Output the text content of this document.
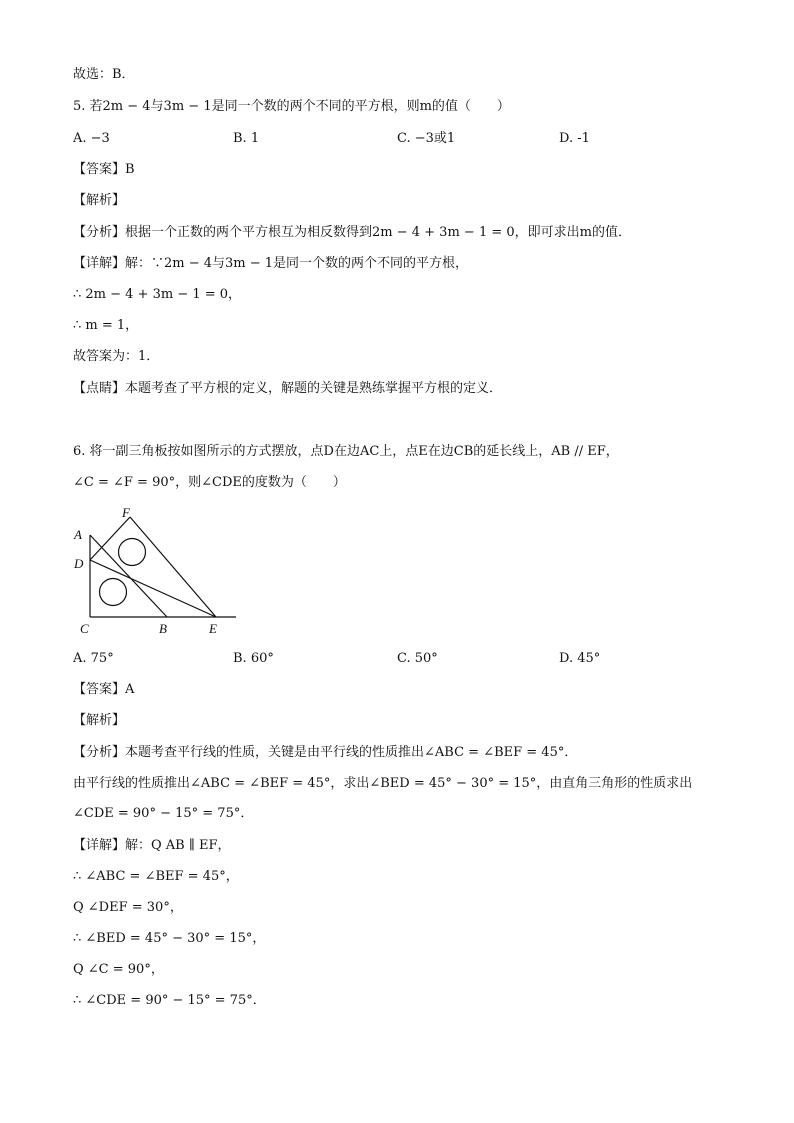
故选：B．
5. 若2m − 4与3m − 1是同一个数的两个不同的平方根，则m的值（　　）
A. −3	B. 1	C. −3或1	D. -1
【答案】B
【解析】
【分析】根据一个正数的两个平方根互为相反数得到2m − 4 + 3m − 1 = 0，即可求出m的值．
【详解】解：∵2m − 4与3m − 1是同一个数的两个不同的平方根，
∴ 2m − 4 + 3m − 1 = 0，
∴ m = 1，
故答案为：1．
【点睛】本题考查了平方根的定义，解题的关键是熟练掌握平方根的定义．
6. 将一副三角板按如图所示的方式摆放，点D在边AC上，点E在边CB的延长线上，AB // EF，
∠C = ∠F = 90°，则∠CDE的度数为（　　）
A
D
F
C	B	E
A. 75°	B. 60°	C. 50°	D. 45°
【答案】A
【解析】
【分析】本题考查平行线的性质，关键是由平行线的性质推出∠ABC = ∠BEF = 45°．
由平行线的性质推出∠ABC = ∠BEF = 45°，求出∠BED = 45° − 30° = 15°，由直角三角形的性质求出
∠CDE = 90° − 15° = 75°．
【详解】解：Q AB ∥ EF，
∴ ∠ABC = ∠BEF = 45°，
Q ∠DEF = 30°，
∴ ∠BED = 45° − 30° = 15°，
Q ∠C = 90°，
∴ ∠CDE = 90° − 15° = 75°．
